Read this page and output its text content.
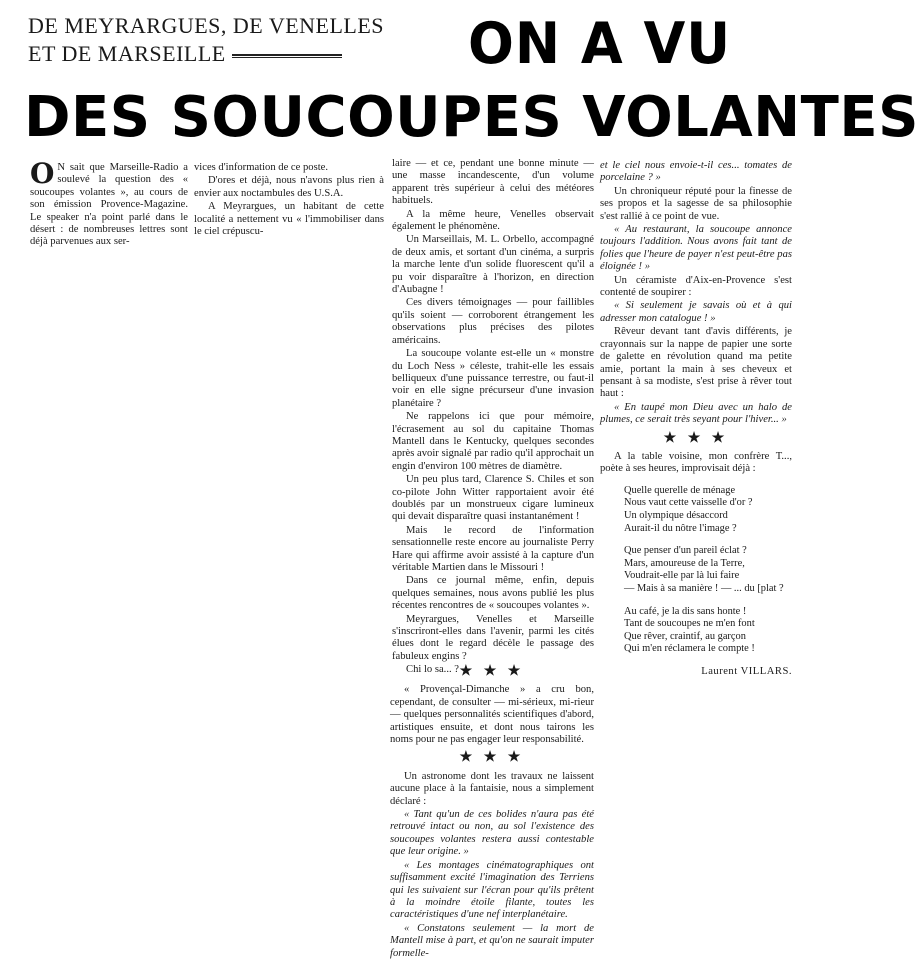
DE MEYRARGUES, DE VENELLES
ET DE MARSEILLE	ON A VU
DES SOUCOUPES VOLANTES

O N sait que Marseille-Radio a soulevé la question des « soucoupes volantes », au cours de son émission Provence-Magazine. Le speaker n'a point parlé dans le désert : de nombreuses lettres sont déjà parvenues aux ser-

vices d'information de ce poste.

D'ores et déjà, nous n'avons plus rien à envier aux noctambules des U.S.A.

A Meyrargues, un habitant de cette localité a nettement vu « l'immobiliser dans le ciel crépuscu-

laire — et ce, pendant une bonne minute — une masse incandescente, d'un volume apparent très supérieur à celui des météores habituels.

A la même heure, Venelles observait également le phénomène.

Un Marseillais, M. L. Orbello, accompagné de deux amis, et sortant d'un cinéma, a surpris la marche lente d'un solide fluorescent qu'il a pu voir disparaître à l'horizon, en direction d'Aubagne !

Ces divers témoignages — pour faillibles qu'ils soient — corroborent étrangement les observations plus précises des pilotes américains.

La soucoupe volante est-elle un « monstre du Loch Ness » céleste, trahit-elle les essais belliqueux d'une puissance terrestre, ou faut-il voir en elle signe précurseur d'une invasion planétaire ?

Ne rappelons ici que pour mémoire, l'écrasement au sol du capitaine Thomas Mantell dans le Kentucky, quelques secondes après avoir signalé par radio qu'il approchait un engin d'environ 100 mètres de diamètre.

Un peu plus tard, Clarence S. Chiles et son co-pilote John Witter rapportaient avoir été doublés par un monstrueux cigare lumineux qui devait disparaître quasi instantanément !

Mais le record de l'information sensationnelle reste encore au journaliste Perry Hare qui affirme avoir assisté à la capture d'un véritable Martien dans le Missouri !

Dans ce journal même, enfin, depuis quelques semaines, nous avons publié les plus récentes rencontres de « soucoupes volantes ».

Meyrargues, Venelles et Marseille s'inscriront-elles dans l'avenir, parmi les cités élues dont le regard décèle le passage des fabuleux engins ?

Chi lo sa... ? ★ ★ ★

« Provençal-Dimanche » a cru bon, cependant, de consulter — mi-sérieux, mi-rieur — quelques personnalités scientifiques d'abord, artistiques ensuite, et dont nous tairons les noms pour ne pas engager leur responsabilité.

★ ★ ★

Un astronome dont les travaux ne laissent aucune place à la fantaisie, nous a simplement déclaré :

« Tant qu'un de ces bolides n'aura pas été retrouvé intact ou non, au sol l'existence des soucoupes volantes restera aussi contestable que leur origine. »

« Les montages cinématographiques ont suffisamment excité l'imagination des Terriens qui les suivaient sur l'écran pour qu'ils prêtent à la moindre étoile filante, toutes les caractéristiques d'une nef interplanétaire.

« Constatons seulement — la mort de Mantell mise à part, et qu'on ne saurait imputer formelle-

et le ciel nous envoie-t-il ces... tomates de porcelaine ? »

Un chroniqueur réputé pour la finesse de ses propos et la sagesse de sa philosophie s'est rallié à ce point de vue.

« Au restaurant, la soucoupe annonce toujours l'addition. Nous avons fait tant de folies que l'heure de payer n'est peut-être pas éloignée ! »

Un céramiste d'Aix-en-Provence s'est contenté de soupirer :

« Si seulement je savais où et à qui adresser mon catalogue ! »

Rêveur devant tant d'avis différents, je crayonnais sur la nappe de papier une sorte de galette en révolution quand ma petite amie, portant la main à ses cheveux et pensant à sa modiste, s'est prise à rêver tout haut :

« En taupé mon Dieu avec un halo de plumes, ce serait très seyant pour l'hiver... »

★ ★ ★

A la table voisine, mon confrère T..., poète à ses heures, improvisait déjà :

Quelle querelle de ménage
Nous vaut cette vaisselle d'or ?
Un olympique désaccord
Aurait-il du nôtre l'image ?
Que penser d'un pareil éclat ?
Mars, amoureuse de la Terre,
Voudrait-elle par là lui faire
— Mais à sa manière ! — ... du [plat ?
Au café, je la dis sans honte !
Tant de soucoupes ne m'en font
Que rêver, craintif, au garçon
Qui m'en réclamera le compte !
Laurent VILLARS.
